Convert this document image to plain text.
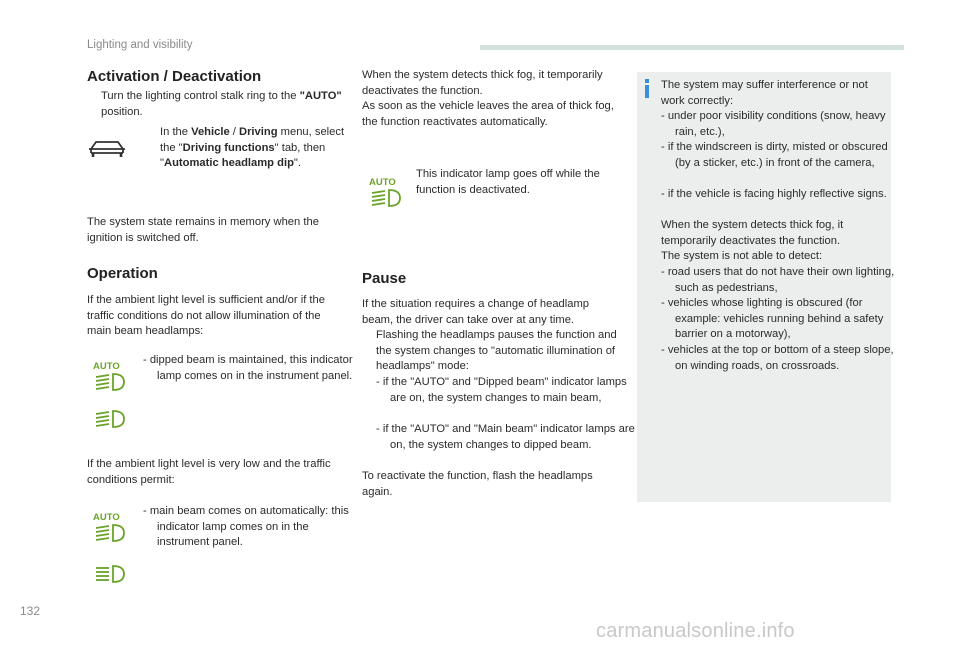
Lighting and visibility
Activation / Deactivation

Turn the lighting control stalk ring to the "AUTO" position.

In the Vehicle / Driving menu, select the "Driving functions" tab, then "Automatic headlamp dip".

The system state remains in memory when the ignition is switched off.

Operation

If the ambient light level is sufficient and/or if the traffic conditions do not allow illumination of the main beam headlamps:

AUTO

- dipped beam is maintained, this indicator lamp comes on in the instrument panel.

If the ambient light level is very low and the traffic conditions permit:

AUTO

- main beam comes on automatically: this indicator lamp comes on in the instrument panel.

When the system detects thick fog, it temporarily deactivates the function.

As soon as the vehicle leaves the area of thick fog, the function reactivates automatically.

AUTO

This indicator lamp goes off while the function is deactivated.

Pause

If the situation requires a change of headlamp beam, the driver can take over at any time.

Flashing the headlamps pauses the function and the system changes to "automatic illumination of headlamps" mode:

- if the "AUTO" and "Dipped beam" indicator lamps are on, the system changes to main beam,

- if the "AUTO" and "Main beam" indicator lamps are on, the system changes to dipped beam.

To reactivate the function, flash the headlamps again.

The system may suffer interference or not work correctly:

- under poor visibility conditions (snow, heavy rain, etc.),

- if the windscreen is dirty, misted or obscured (by a sticker, etc.) in front of the camera,

- if the vehicle is facing highly reflective signs.

When the system detects thick fog, it temporarily deactivates the function.

The system is not able to detect:

- road users that do not have their own lighting, such as pedestrians,

- vehicles whose lighting is obscured (for example: vehicles running behind a safety barrier on a motorway),

- vehicles at the top or bottom of a steep slope, on winding roads, on crossroads.

132
carmanualsonline.info
